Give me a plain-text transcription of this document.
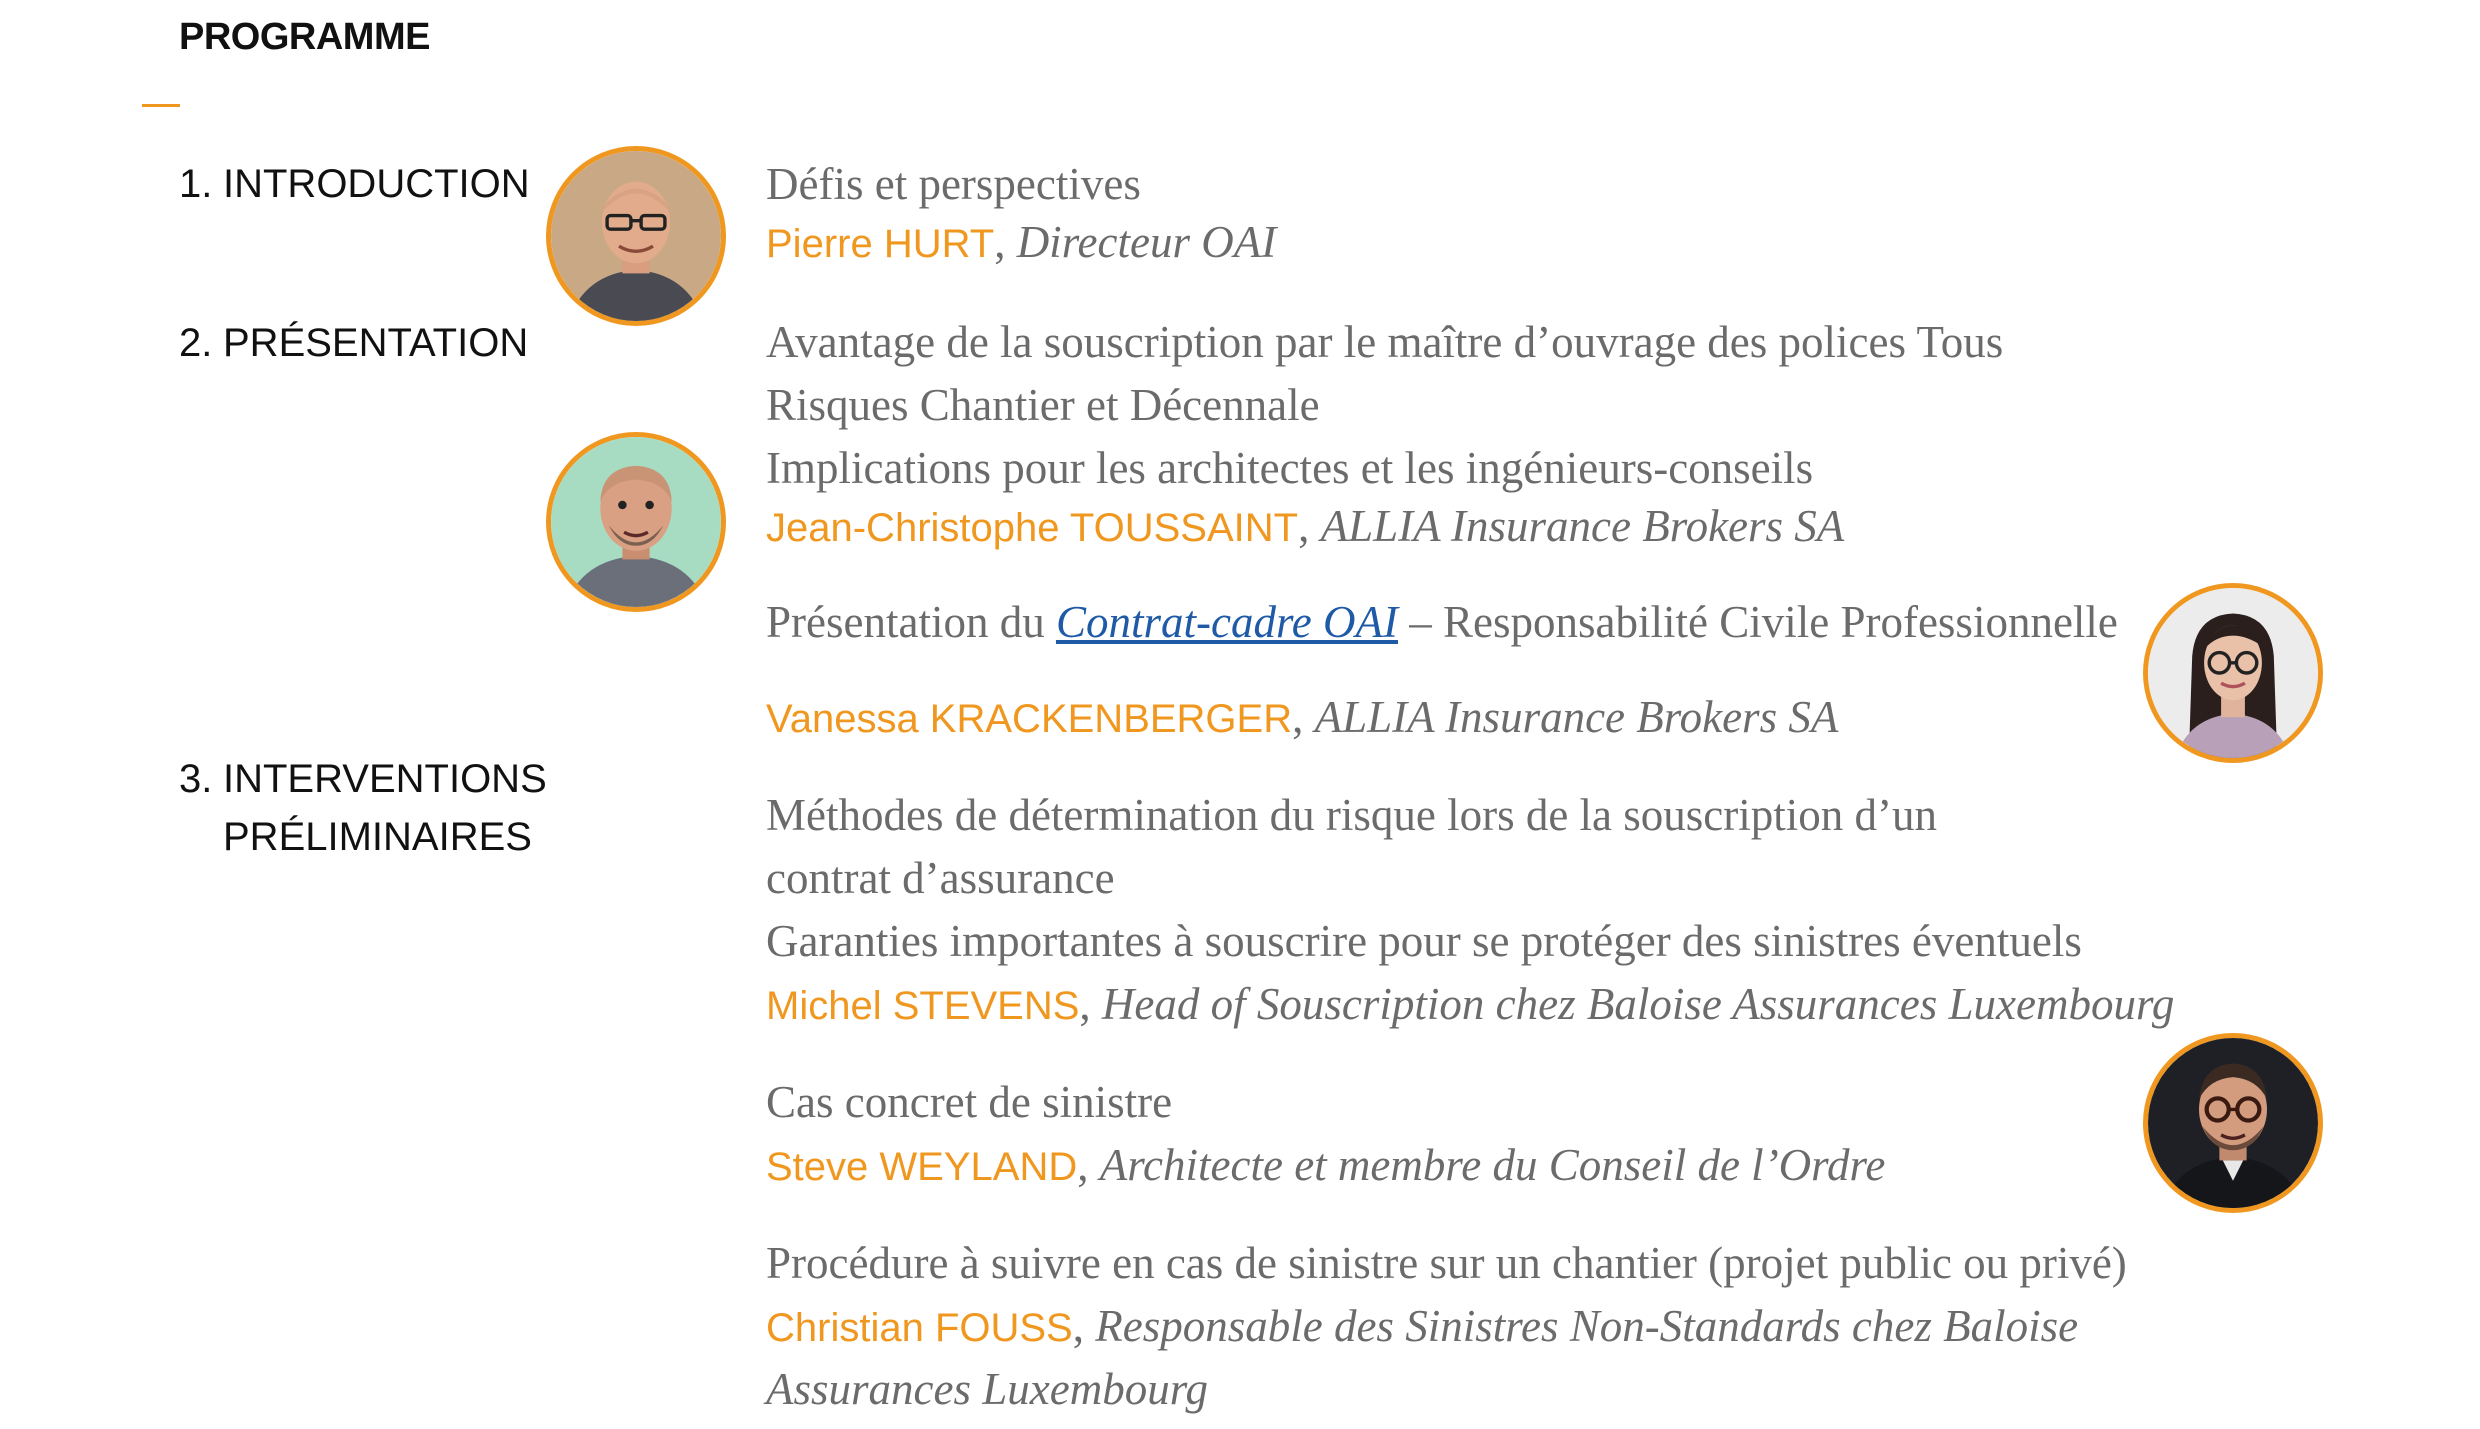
PROGRAMME
1. INTRODUCTION
2. PRÉSENTATION
3. INTERVENTIONS
PRÉLIMINAIRES
Défis et perspectives
Pierre HURT, Directeur OAI
Avantage de la souscription par le maître d’ouvrage des polices Tous
Risques Chantier et Décennale
Implications pour les architectes et les ingénieurs-conseils
Jean-Christophe TOUSSAINT, ALLIA Insurance Brokers SA
Présentation du Contrat-cadre OAI – Responsabilité Civile Professionnelle
Vanessa KRACKENBERGER, ALLIA Insurance Brokers SA
Méthodes de détermination du risque lors de la souscription d’un
contrat d’assurance
Garanties importantes à souscrire pour se protéger des sinistres éventuels
Michel STEVENS, Head of Souscription chez Baloise Assurances Luxembourg
Cas concret de sinistre
Steve WEYLAND, Architecte et membre du Conseil de l’Ordre
Procédure à suivre en cas de sinistre sur un chantier (projet public ou privé)
Christian FOUSS, Responsable des Sinistres Non-Standards chez Baloise
Assurances Luxembourg
